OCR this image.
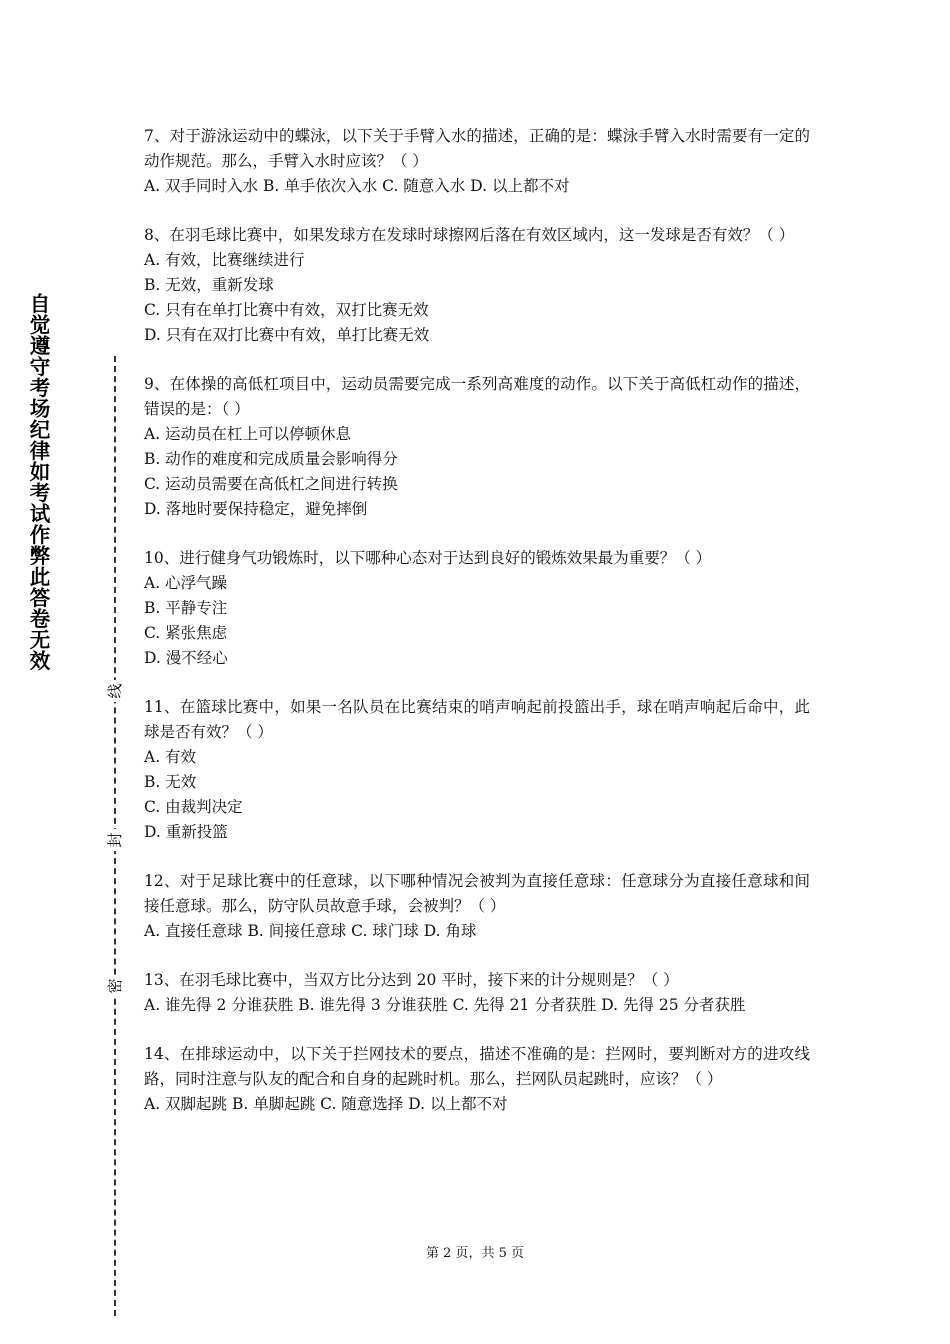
自觉遵守考场纪律如考试作弊此答卷无效
线
封
密

7、对于游泳运动中的蝶泳，以下关于手臂入水的描述，正确的是：蝶泳手臂入水时需要有一定的动作规范。那么，手臂入水时应该？（ ）

A. 双手同时入水 B. 单手依次入水 C. 随意入水 D. 以上都不对

8、在羽毛球比赛中，如果发球方在发球时球擦网后落在有效区域内，这一发球是否有效？（ ）

A. 有效，比赛继续进行

B. 无效，重新发球

C. 只有在单打比赛中有效，双打比赛无效

D. 只有在双打比赛中有效，单打比赛无效

9、在体操的高低杠项目中，运动员需要完成一系列高难度的动作。以下关于高低杠动作的描述，错误的是：（ ）

A. 运动员在杠上可以停顿休息

B. 动作的难度和完成质量会影响得分

C. 运动员需要在高低杠之间进行转换

D. 落地时要保持稳定，避免摔倒

10、进行健身气功锻炼时，以下哪种心态对于达到良好的锻炼效果最为重要？（ ）

A. 心浮气躁

B. 平静专注

C. 紧张焦虑

D. 漫不经心

11、在篮球比赛中，如果一名队员在比赛结束的哨声响起前投篮出手，球在哨声响起后命中，此球是否有效？（ ）

A. 有效

B. 无效

C. 由裁判决定

D. 重新投篮

12、对于足球比赛中的任意球，以下哪种情况会被判为直接任意球：任意球分为直接任意球和间接任意球。那么，防守队员故意手球，会被判？（ ）

A. 直接任意球 B. 间接任意球 C. 球门球 D. 角球

13、在羽毛球比赛中，当双方比分达到 20 平时，接下来的计分规则是？（ ）

A. 谁先得 2 分谁获胜 B. 谁先得 3 分谁获胜 C. 先得 21 分者获胜 D. 先得 25 分者获胜

14、在排球运动中，以下关于拦网技术的要点，描述不准确的是：拦网时，要判断对方的进攻线路，同时注意与队友的配合和自身的起跳时机。那么，拦网队员起跳时，应该？（ ）

A. 双脚起跳 B. 单脚起跳 C. 随意选择 D. 以上都不对

第 2 页，共 5 页
